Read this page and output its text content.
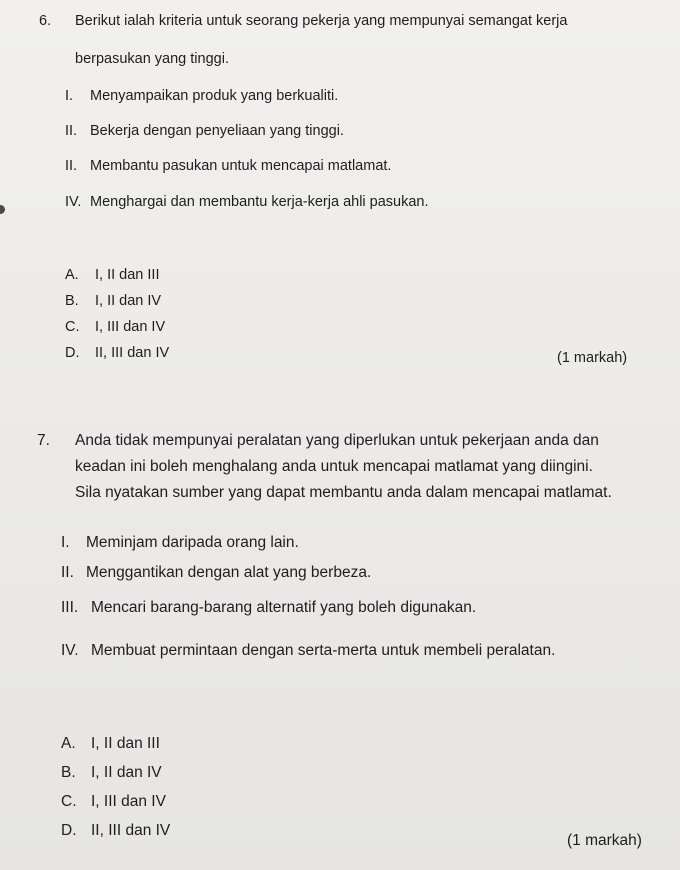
6. Berikut ialah kriteria untuk seorang pekerja yang mempunyai semangat kerja
berpasukan yang tinggi.
I. Menyampaikan produk yang berkualiti.
II. Bekerja dengan penyeliaan yang tinggi.
II. Membantu pasukan untuk mencapai matlamat.
IV. Menghargai dan membantu kerja-kerja ahli pasukan.
A. I, II dan III
B. I, II dan IV
C. I, III dan IV
D. II, III dan IV	(1 markah)
7. Anda tidak mempunyai peralatan yang diperlukan untuk pekerjaan anda dan
keadan ini boleh menghalang anda untuk mencapai matlamat yang diingini.
Sila nyatakan sumber yang dapat membantu anda dalam mencapai matlamat.
I. Meminjam daripada orang lain.
II. Menggantikan dengan alat yang berbeza.
III. Mencari barang-barang alternatif yang boleh digunakan.
IV. Membuat permintaan dengan serta-merta untuk membeli peralatan.
A. I, II dan III
B. I, II dan IV
C. I, III dan IV
D. II, III dan IV
(1 markah)
